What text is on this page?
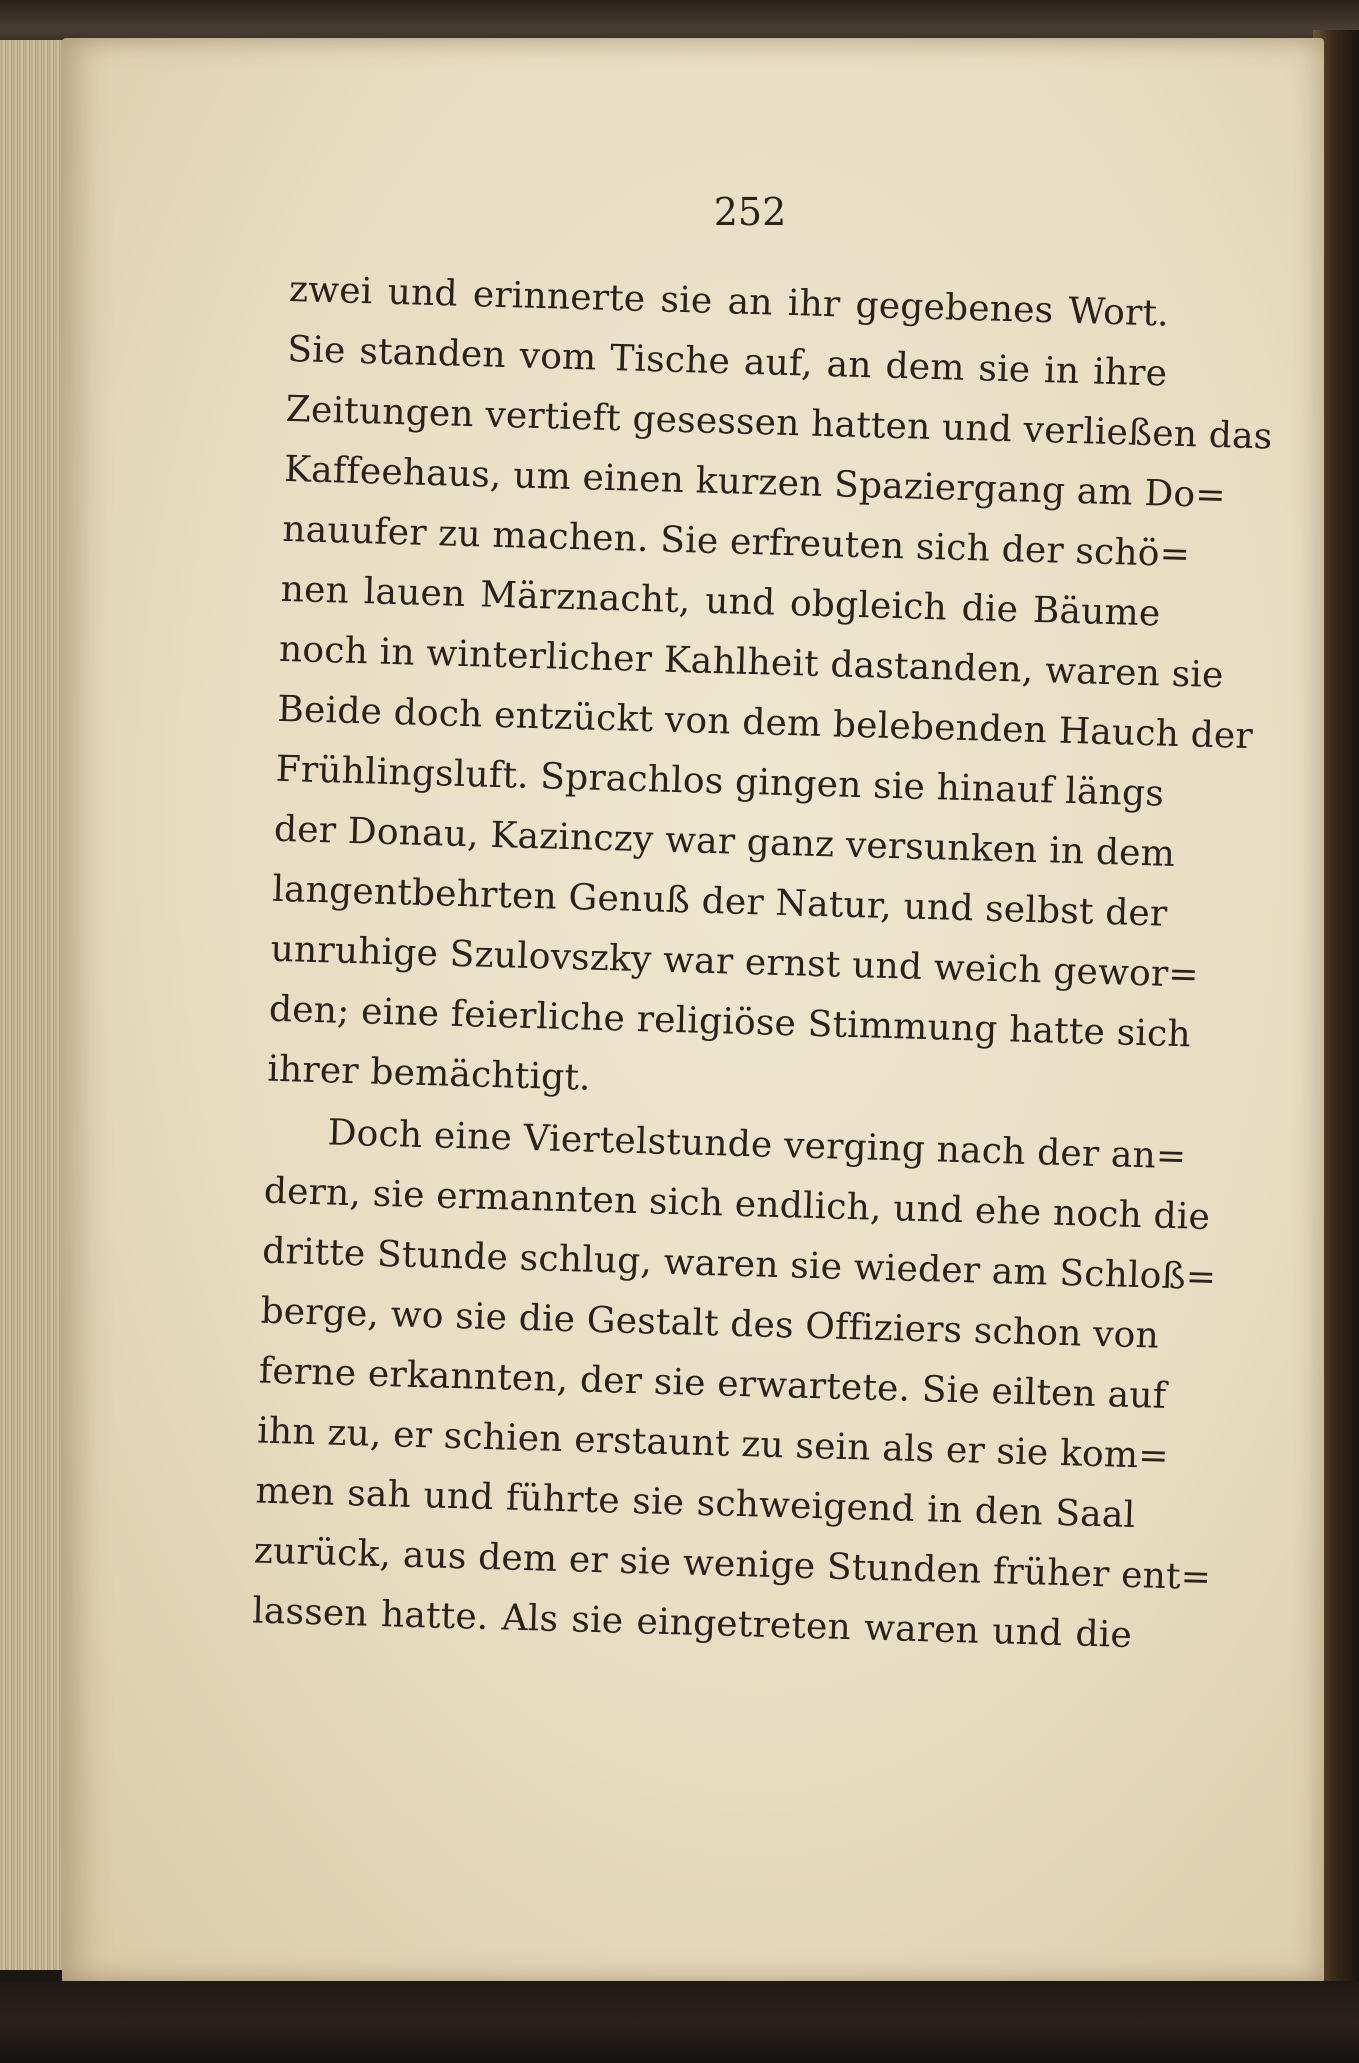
252
zwei und erinnerte sie an ihr gegebenes Wort.
Sie standen vom Tische auf, an dem sie in ihre
Zeitungen vertieft gesessen hatten und verließen das
Kaffeehaus, um einen kurzen Spaziergang am Do=
nauufer zu machen. Sie erfreuten sich der schö=
nen lauen Märznacht, und obgleich die Bäume
noch in winterlicher Kahlheit dastanden, waren sie
Beide doch entzückt von dem belebenden Hauch der
Frühlingsluft. Sprachlos gingen sie hinauf längs
der Donau, Kazinczy war ganz versunken in dem
langentbehrten Genuß der Natur, und selbst der
unruhige Szulovszky war ernst und weich gewor=
den; eine feierliche religiöse Stimmung hatte sich
ihrer bemächtigt.
Doch eine Viertelstunde verging nach der an=
dern, sie ermannten sich endlich, und ehe noch die
dritte Stunde schlug, waren sie wieder am Schloß=
berge, wo sie die Gestalt des Offiziers schon von
ferne erkannten, der sie erwartete. Sie eilten auf
ihn zu, er schien erstaunt zu sein als er sie kom=
men sah und führte sie schweigend in den Saal
zurück, aus dem er sie wenige Stunden früher ent=
lassen hatte. Als sie eingetreten waren und die
